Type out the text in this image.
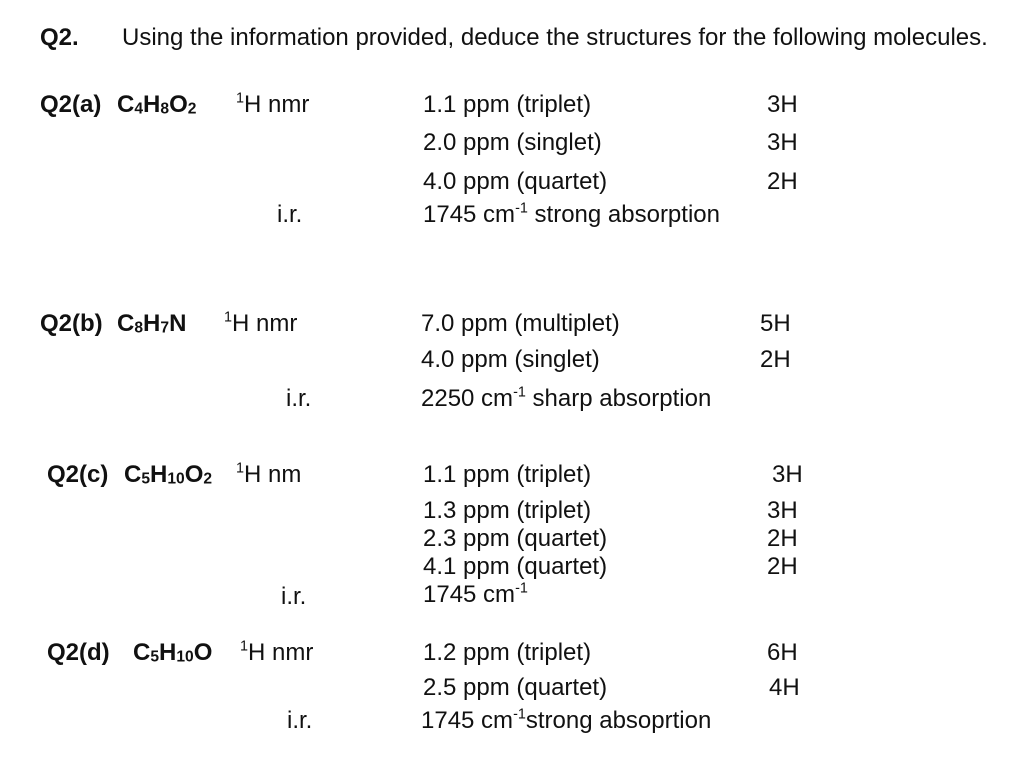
Q2. Using the information provided, deduce the structures for the following molecules.
Q2(a) $C_4H_8O_2$
$^1$H nmr	1.1 ppm (triplet)	3H
2.0 ppm (singlet)	3H
4.0 ppm (quartet)	2H
i.r.	1745 $cm^{-1}$ strong absorption
Q2(b) $C_8H_7N$	$^1$H nmr	7.0 ppm (multiplet)	5H
4.0 ppm (singlet)	2H
i.r.	2250 $cm^{-1}$ sharp absorption
Q2(c) $C_5H_{10}O_2$
$^1$H nm	1.1 ppm (triplet)	3H
1.3 ppm (triplet)	3H
2.3 ppm (quartet)	2H
4.1 ppm (quartet)	2H
i.r.	1745 $cm^{-1}$
Q2(d) $C_5H_{10}O$ $^1$H nmr	1.2 ppm (triplet)	6H
2.5 ppm (quartet)	4H
i.r.	1745 $cm^{-1}strong$ absoprtion
